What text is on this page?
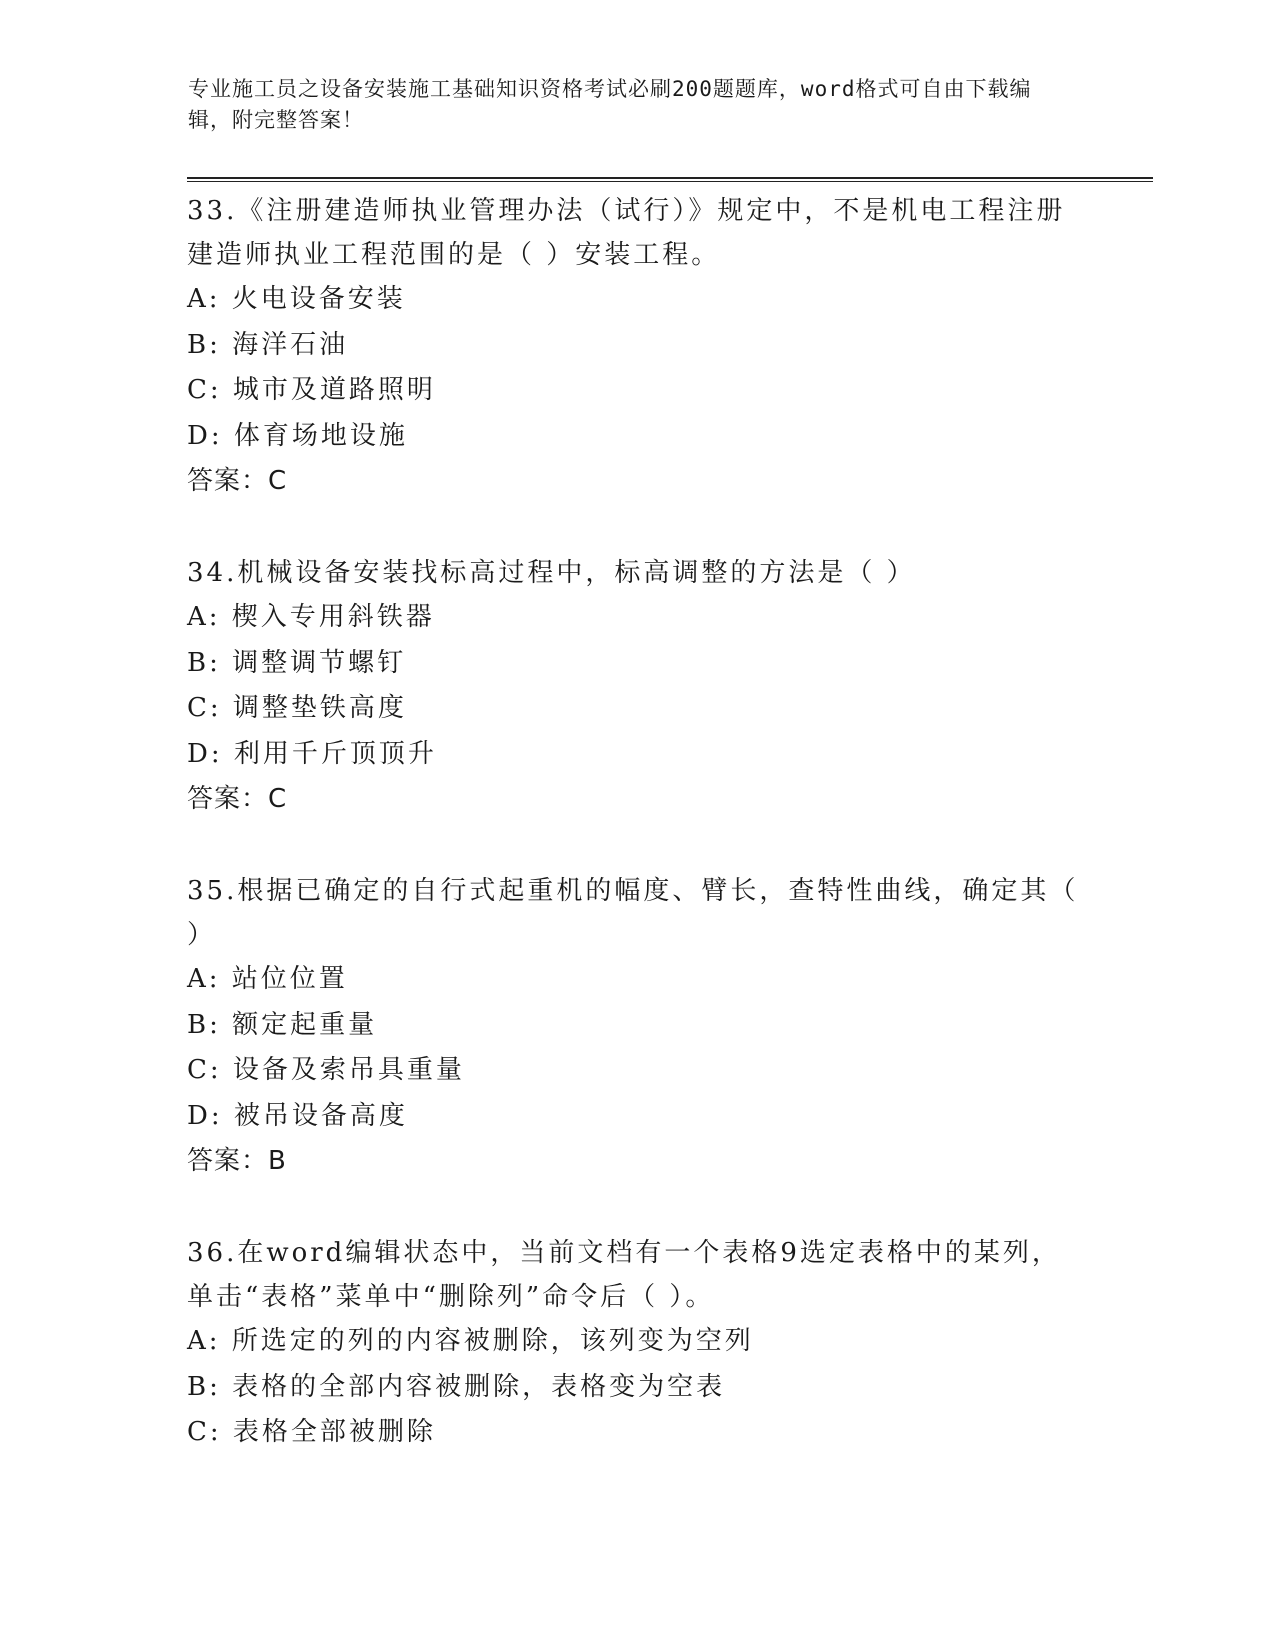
专业施工员之设备安装施工基础知识资格考试必刷200题题库，word格式可自由下载编辑，附完整答案！
33.《注册建造师执业管理办法（试行）》规定中，不是机电工程注册建造师执业工程范围的是（ ）安装工程。
A: 火电设备安装
B: 海洋石油
C: 城市及道路照明
D: 体育场地设施
答案：C
34.机械设备安装找标高过程中，标高调整的方法是（ ）
A: 楔入专用斜铁器
B: 调整调节螺钉
C: 调整垫铁高度
D: 利用千斤顶顶升
答案：C
35.根据已确定的自行式起重机的幅度、臂长，查特性曲线，确定其（ ）
A: 站位位置
B: 额定起重量
C: 设备及索吊具重量
D: 被吊设备高度
答案：B
36.在word编辑状态中，当前文档有一个表格9选定表格中的某列，单击“表格”菜单中“删除列”命令后（ ）。
A: 所选定的列的内容被删除，该列变为空列
B: 表格的全部内容被删除，表格变为空表
C: 表格全部被删除
